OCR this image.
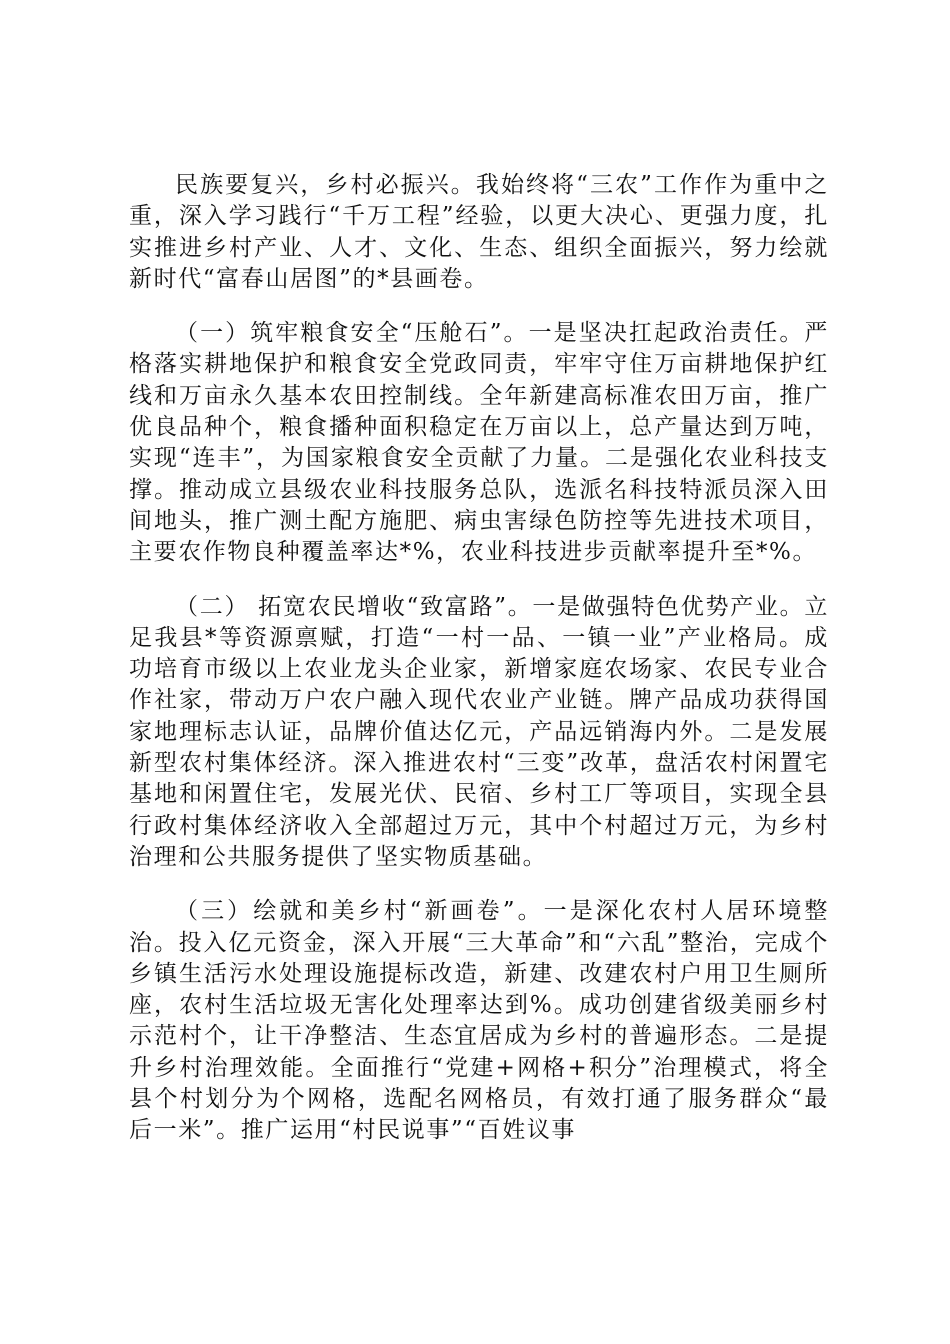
民族要复兴，乡村必振兴。我始终将“三农”工作作为重中之重，深入学习践行“千万工程”经验，以更大决心、更强力度，扎实推进乡村产业、人才、文化、生态、组织全面振兴，努力绘就新时代“富春山居图”的*县画卷。

（一）筑牢粮食安全“压舱石”。一是坚决扛起政治责任。严格落实耕地保护和粮食安全党政同责，牢牢守住万亩耕地保护红线和万亩永久基本农田控制线。全年新建高标准农田万亩，推广优良品种个，粮食播种面积稳定在万亩以上，总产量达到万吨，实现“连丰”，为国家粮食安全贡献了力量。二是强化农业科技支撑。推动成立县级农业科技服务总队，选派名科技特派员深入田间地头，推广测土配方施肥、病虫害绿色防控等先进技术项目，主要农作物良种覆盖率达*%，农业科技进步贡献率提升至*%。

（二） 拓宽农民增收“致富路”。一是做强特色优势产业。立足我县*等资源禀赋，打造“一村一品、一镇一业”产业格局。成功培育市级以上农业龙头企业家，新增家庭农场家、农民专业合作社家，带动万户农户融入现代农业产业链。牌产品成功获得国家地理标志认证，品牌价值达亿元，产品远销海内外。二是发展新型农村集体经济。深入推进农村“三变”改革，盘活农村闲置宅基地和闲置住宅，发展光伏、民宿、乡村工厂等项目，实现全县行政村集体经济收入全部超过万元，其中个村超过万元，为乡村治理和公共服务提供了坚实物质基础。

（三）绘就和美乡村“新画卷”。一是深化农村人居环境整治。投入亿元资金，深入开展“三大革命”和“六乱”整治，完成个乡镇生活污水处理设施提标改造，新建、改建农村户用卫生厕所座，农村生活垃圾无害化处理率达到%。成功创建省级美丽乡村示范村个，让干净整洁、生态宜居成为乡村的普遍形态。二是提升乡村治理效能。全面推行“党建+网格+积分”治理模式，将全县个村划分为个网格，选配名网格员，有效打通了服务群众“最后一米”。推广运用“村民说事”“百姓议事
